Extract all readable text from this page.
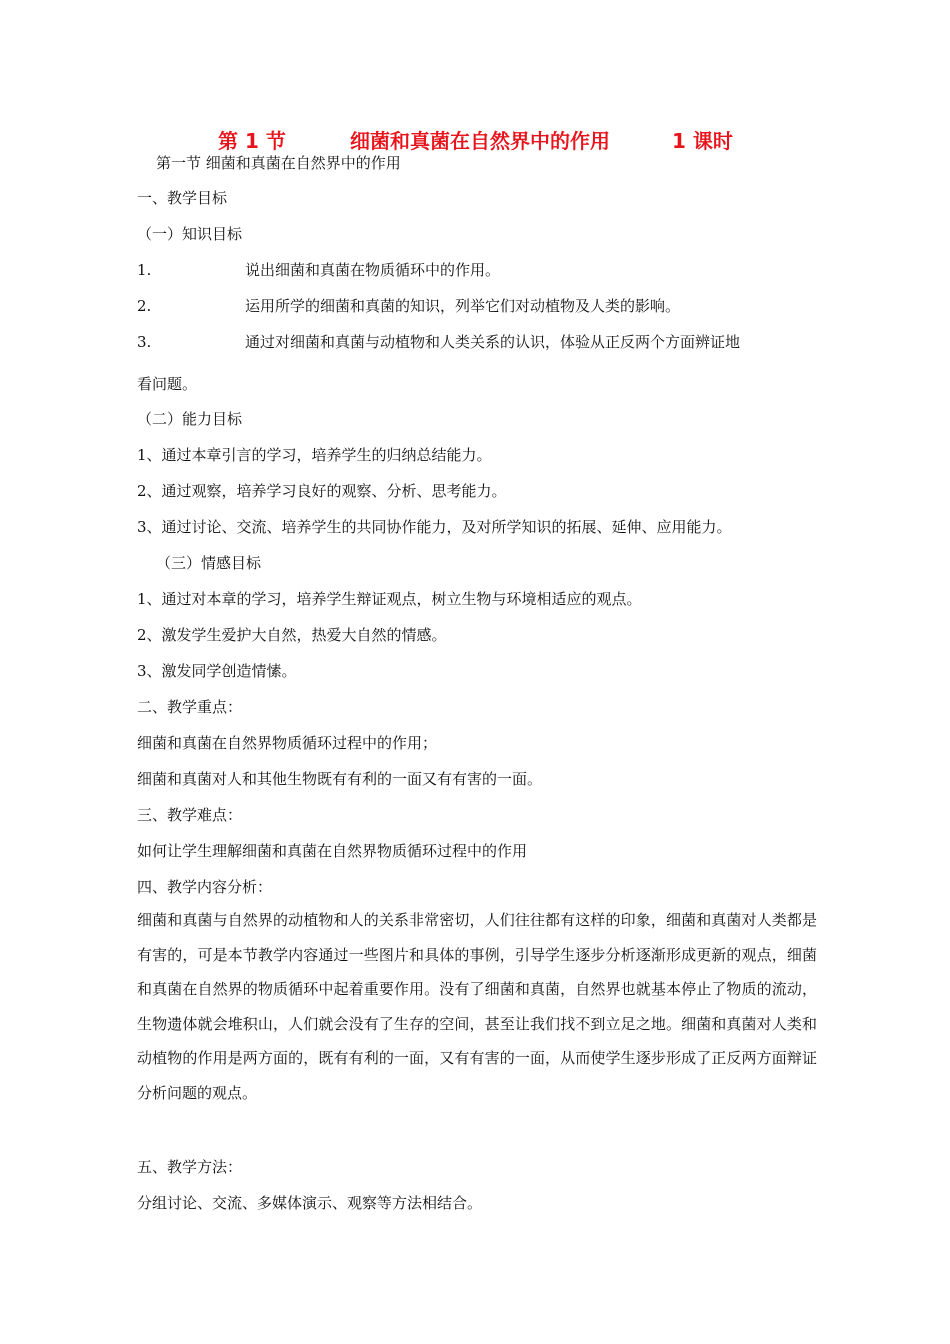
第 1 节	细菌和真菌在自然界中的作用	1 课时
第一节 细菌和真菌在自然界中的作用
一、教学目标
（一）知识目标
1.	说出细菌和真菌在物质循环中的作用。
2.	运用所学的细菌和真菌的知识，列举它们对动植物及人类的影响。
3.	通过对细菌和真菌与动植物和人类关系的认识，体验从正反两个方面辨证地
看问题。
（二）能力目标
1、通过本章引言的学习，培养学生的归纳总结能力。
2、通过观察，培养学习良好的观察、分析、思考能力。
3、通过讨论、交流、培养学生的共同协作能力，及对所学知识的拓展、延伸、应用能力。
（三）情感目标
1、通过对本章的学习，培养学生辩证观点，树立生物与环境相适应的观点。
2、激发学生爱护大自然，热爱大自然的情感。
3、激发同学创造情愫。
二、教学重点：
细菌和真菌在自然界物质循环过程中的作用；
细菌和真菌对人和其他生物既有有利的一面又有有害的一面。
三、教学难点：
如何让学生理解细菌和真菌在自然界物质循环过程中的作用
四、教学内容分析：
细菌和真菌与自然界的动植物和人的关系非常密切，人们往往都有这样的印象，细菌和真菌对人类都是有害的，可是本节教学内容通过一些图片和具体的事例，引导学生逐步分析逐渐形成更新的观点，细菌和真菌在自然界的物质循环中起着重要作用。没有了细菌和真菌，自然界也就基本停止了物质的流动，生物遗体就会堆积山，人们就会没有了生存的空间，甚至让我们找不到立足之地。细菌和真菌对人类和动植物的作用是两方面的，既有有利的一面，又有有害的一面，从而使学生逐步形成了正反两方面辩证分析问题的观点。
五、教学方法：
分组讨论、交流、多媒体演示、观察等方法相结合。
